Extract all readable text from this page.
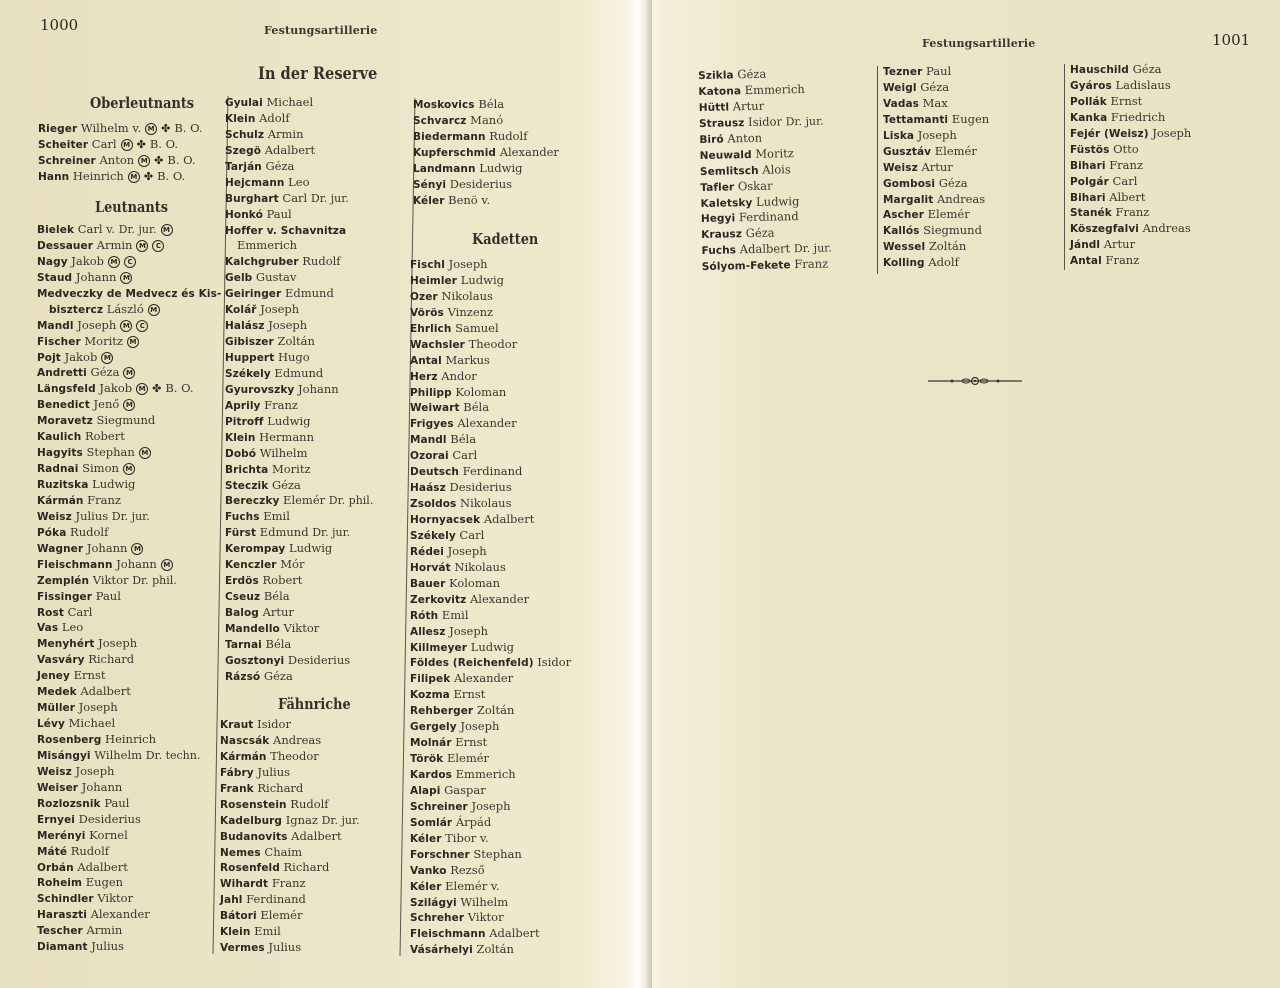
1000	Festungsartillerie
In der Reserve
Oberleutnants
Rieger Wilhelm v. M ✤ B. O.
Scheiter Carl M ✤ B. O.
Schreiner Anton M ✤ B. O.
Hann Heinrich M ✤ B. O.
Leutnants
Bielek Carl v. Dr. jur. M
Dessauer Armin M C
Nagy Jakob M C
Staud Johann M
Medveczky de Medvecz és Kis-
bisztercz László M
Mandl Joseph M C
Fischer Moritz M
Pojt Jakob M
Andretti Géza M
Längsfeld Jakob M ✤ B. O.
Benedict Jenő M
Moravetz Siegmund
Kaulich Robert
Hagyits Stephan M
Radnai Simon M
Ruzitska Ludwig
Kármán Franz
Weisz Julius Dr. jur.
Póka Rudolf
Wagner Johann M
Fleischmann Johann M
Zemplén Viktor Dr. phil.
Fissinger Paul
Rost Carl
Vas Leo
Menyhért Joseph
Vasváry Richard
Jeney Ernst
Medek Adalbert
Müller Joseph
Lévy Michael
Rosenberg Heinrich
Misángyi Wilhelm Dr. techn.
Weisz Joseph
Weiser Johann
Rozlozsnik Paul
Ernyei Desiderius
Merényi Kornel
Máté Rudolf
Orbán Adalbert
Roheim Eugen
Schindler Viktor
Haraszti Alexander
Tescher Armin
Diamant Julius
Gyulai Michael
Klein Adolf
Schulz Armin
Szegö Adalbert
Tarján Géza
Hejcmann Leo
Burghart Carl Dr. jur.
Honkó Paul
Hoffer v. Schavnitza
Emmerich
Kalchgruber Rudolf
Gelb Gustav
Geiringer Edmund
Kolář Joseph
Halász Joseph
Gibiszer Zoltán
Huppert Hugo
Székely Edmund
Gyurovszky Johann
Aprily Franz
Pitroff Ludwig
Klein Hermann
Dobó Wilhelm
Brichta Moritz
Steczik Géza
Bereczky Elemér Dr. phil.
Fuchs Emil
Fürst Edmund Dr. jur.
Kerompay Ludwig
Kenczler Mór
Erdös Robert
Cseuz Béla
Balog Artur
Mandello Viktor
Tarnai Béla
Gosztonyi Desiderius
Rázsó Géza
Fähnriche
Kraut Isidor
Nascsák Andreas
Kármán Theodor
Fábry Julius
Frank Richard
Rosenstein Rudolf
Kadelburg Ignaz Dr. jur.
Budanovits Adalbert
Nemes Chaim
Rosenfeld Richard
Wihardt Franz
Jahl Ferdinand
Bátori Elemér
Klein Emil
Vermes Julius
Moskovics Béla
Schvarcz Manó
Biedermann Rudolf
Kupferschmid Alexander
Landmann Ludwig
Sényi Desiderius
Kéler Benö v.
Kadetten
Fischl Joseph
Heimler Ludwig
Ozer Nikolaus
Vörös Vinzenz
Ehrlich Samuel
Wachsler Theodor
Antal Markus
Herz Andor
Philipp Koloman
Weiwart Béla
Frigyes Alexander
Mandl Béla
Ozorai Carl
Deutsch Ferdinand
Haász Desiderius
Zsoldos Nikolaus
Hornyacsek Adalbert
Székely Carl
Rédei Joseph
Horvát Nikolaus
Bauer Koloman
Zerkovitz Alexander
Róth Emil
Allesz Joseph
Killmeyer Ludwig
Földes (Reichenfeld) Isidor
Filipek Alexander
Kozma Ernst
Rehberger Zoltán
Gergely Joseph
Molnár Ernst
Török Elemér
Kardos Emmerich
Alapi Gaspar
Schreiner Joseph
Somlár Árpád
Kéler Tibor v.
Forschner Stephan
Vanko Rezső
Kéler Elemér v.
Szilágyi Wilhelm
Schreher Viktor
Fleischmann Adalbert
Vásárhelyi Zoltán
Festungsartillerie	1001
Szikla Géza
Katona Emmerich
Hüttl Artur
Strausz Isidor Dr. jur.
Biró Anton
Neuwald Moritz
Semlitsch Alois
Tafler Oskar
Kaletsky Ludwig
Hegyi Ferdinand
Krausz Géza
Fuchs Adalbert Dr. jur.
Sólyom-Fekete Franz
Tezner Paul
Weigl Géza
Vadas Max
Tettamanti Eugen
Liska Joseph
Gusztáv Elemér
Weisz Artur
Gombosi Géza
Margalit Andreas
Ascher Elemér
Kallós Siegmund
Wessel Zoltán
Kolling Adolf
Hauschild Géza
Gyáros Ladislaus
Pollák Ernst
Kanka Friedrich
Fejér (Weisz) Joseph
Füstös Otto
Bihari Franz
Polgár Carl
Bihari Albert
Stanék Franz
Köszegfalvi Andreas
Jándl Artur
Antal Franz
